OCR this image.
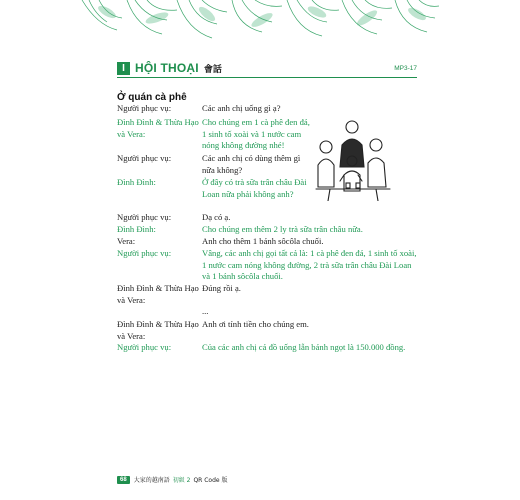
I HỘI THOẠI 會話	MP3-17
Ở quán cà phê
Người phục vụ:	Các anh chị uống gì ạ?
Đình Đình & Thừa Hạo và Vera:
Cho chúng em 1 cà phê đen đá, 1 sinh tố xoài và 1 nước cam nóng không đường nhé!
Người phục vụ:	Các anh chị có dùng thêm gì nữa không?
Đình Đình:	Ở đây có trà sữa trân châu Đài Loan nữa phải không anh?
Người phục vụ:	Dạ có ạ.
Đình Đình:	Cho chúng em thêm 2 ly trà sữa trân châu nữa.
Vera:	Anh cho thêm 1 bánh sôcôla chuối.
Người phục vụ:	Vâng, các anh chị gọi tất cả là: 1 cà phê đen đá, 1 sinh tố xoài, 1 nước cam nóng không đường, 2 trà sữa trân châu Đài Loan và 1 bánh sôcôla chuối.
Đình Đình & Thừa Hạo và Vera:
Đúng rồi ạ.
...
Đình Đình & Thừa Hạo và Vera:
Anh ơi tính tiền cho chúng em.
Người phục vụ:	Của các anh chị cả đồ uống lẫn bánh ngọt là 150.000 đồng.
68	大家的越南語 初級 2 QR Code 版
